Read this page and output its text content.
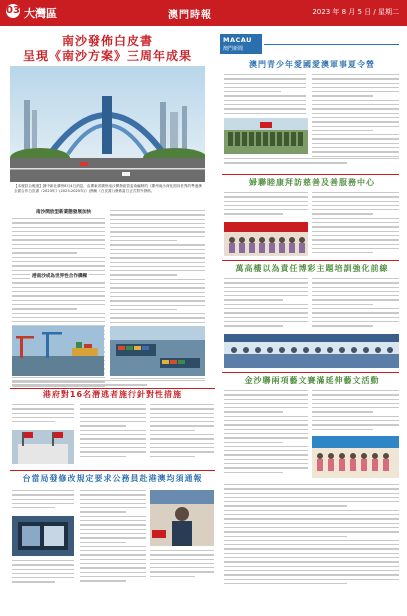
03 大灣區	澳門時報	2023 年 8 月 5 日 / 星期二
南沙發佈白皮書
呈現《南沙方案》三周年成果
【本報綜合報道】據中新社廣州8月4日消息，由廣東省廣州南沙開發區管委會編制的《廣州南沙深化面向世界的粵港澳全面合作白皮書（2023年》(2023-2025年)》(簡稱《白皮書》)發佈當日正式對外發佈。
南沙開放型新業態發展加快
港南沙成為世界性合作橋樑
MACAU
澳門新聞
澳門青少年愛國愛澳軍事夏令營
婦聯睦康拜訪慈善及善服務中心
萬高樓以為責任博彩主題培訓強化前線
金沙聯兩項藝文賽滿延伸藝文活動
港府對16名潛逃者施行針對性措施
台當局發修改規定要求公務員赴港澳均須通報
